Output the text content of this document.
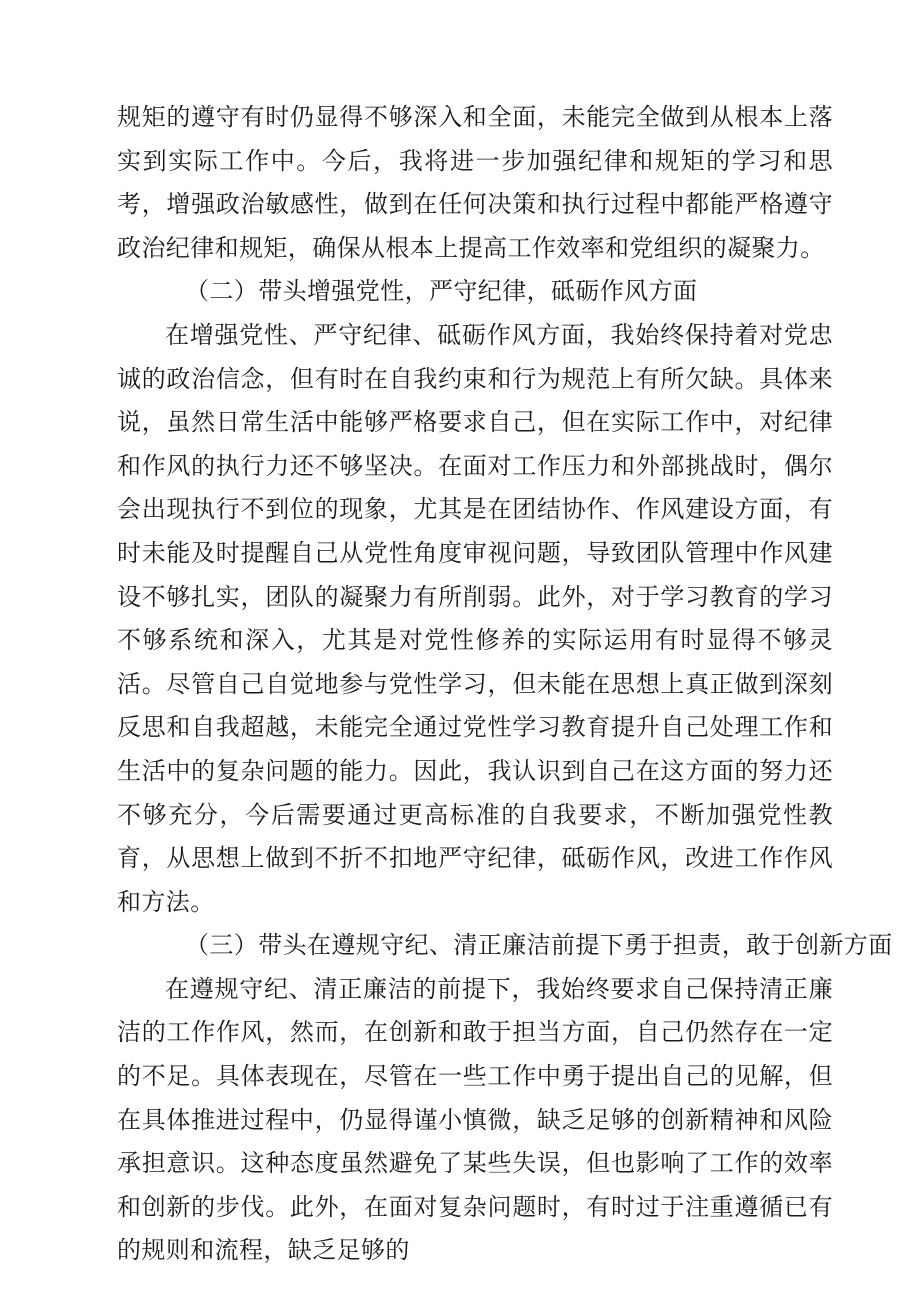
规矩的遵守有时仍显得不够深入和全面，未能完全做到从根本上落实到实际工作中。今后，我将进一步加强纪律和规矩的学习和思考，增强政治敏感性，做到在任何决策和执行过程中都能严格遵守政治纪律和规矩，确保从根本上提高工作效率和党组织的凝聚力。

（二）带头增强党性，严守纪律，砥砺作风方面

在增强党性、严守纪律、砥砺作风方面，我始终保持着对党忠诚的政治信念，但有时在自我约束和行为规范上有所欠缺。具体来说，虽然日常生活中能够严格要求自己，但在实际工作中，对纪律和作风的执行力还不够坚决。在面对工作压力和外部挑战时，偶尔会出现执行不到位的现象，尤其是在团结协作、作风建设方面，有时未能及时提醒自己从党性角度审视问题，导致团队管理中作风建设不够扎实，团队的凝聚力有所削弱。此外，对于学习教育的学习不够系统和深入，尤其是对党性修养的实际运用有时显得不够灵活。尽管自己自觉地参与党性学习，但未能在思想上真正做到深刻反思和自我超越，未能完全通过党性学习教育提升自己处理工作和生活中的复杂问题的能力。因此，我认识到自己在这方面的努力还不够充分，今后需要通过更高标准的自我要求，不断加强党性教育，从思想上做到不折不扣地严守纪律，砥砺作风，改进工作作风和方法。

（三）带头在遵规守纪、清正廉洁前提下勇于担责，敢于创新方面

在遵规守纪、清正廉洁的前提下，我始终要求自己保持清正廉洁的工作作风，然而，在创新和敢于担当方面，自己仍然存在一定的不足。具体表现在，尽管在一些工作中勇于提出自己的见解，但在具体推进过程中，仍显得谨小慎微，缺乏足够的创新精神和风险承担意识。这种态度虽然避免了某些失误，但也影响了工作的效率和创新的步伐。此外，在面对复杂问题时，有时过于注重遵循已有的规则和流程，缺乏足够的
